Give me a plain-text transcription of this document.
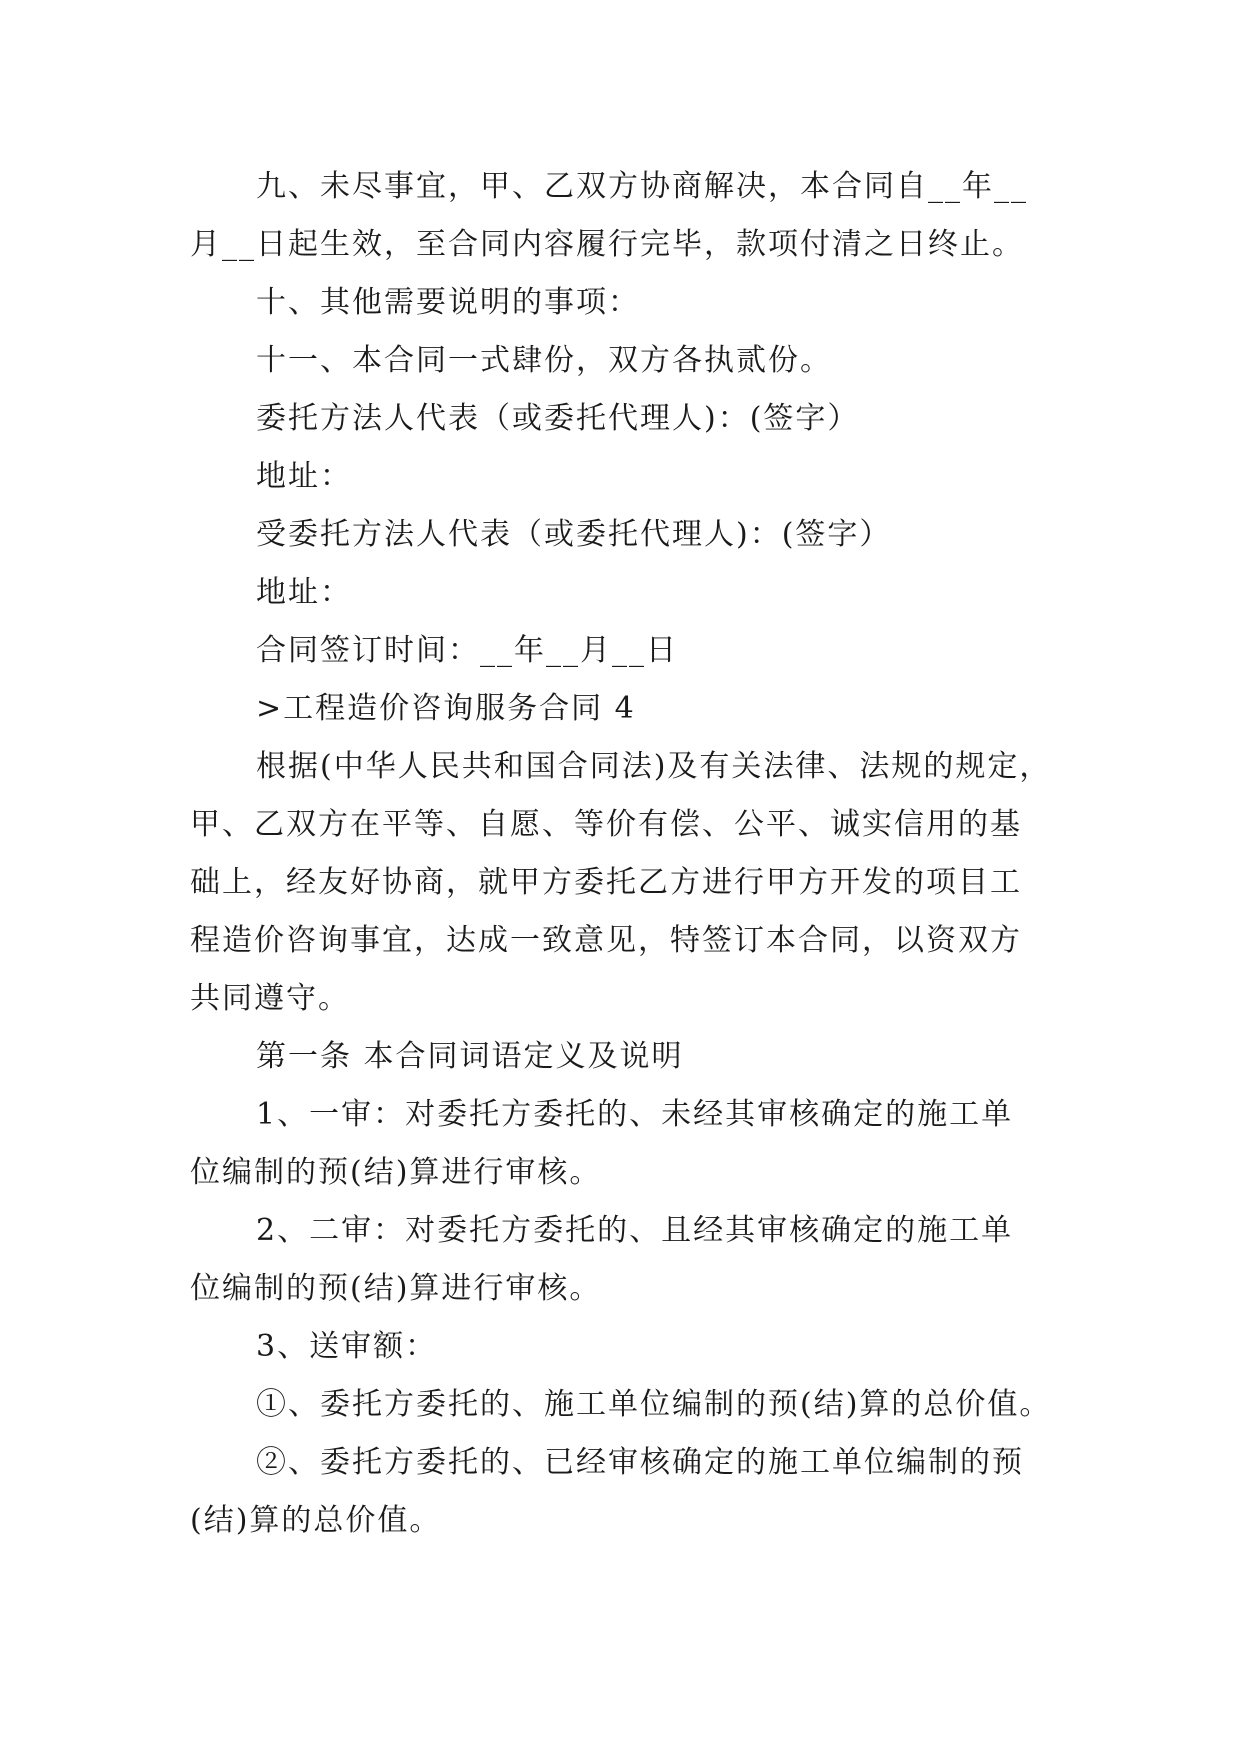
九、未尽事宜，甲、乙双方协商解决，本合同自__年__
月__日起生效，至合同内容履行完毕，款项付清之日终止。
十、其他需要说明的事项：
十一、本合同一式肆份，双方各执贰份。
委托方法人代表（或委托代理人)：(签字）
地址：
受委托方法人代表（或委托代理人)：(签字）
地址：
合同签订时间：__年__月__日
>工程造价咨询服务合同 4
根据(中华人民共和国合同法)及有关法律、法规的规定，
甲、乙双方在平等、自愿、等价有偿、公平、诚实信用的基
础上，经友好协商，就甲方委托乙方进行甲方开发的项目工
程造价咨询事宜，达成一致意见，特签订本合同，以资双方
共同遵守。
第一条 本合同词语定义及说明
1、一审：对委托方委托的、未经其审核确定的施工单
位编制的预(结)算进行审核。
2、二审：对委托方委托的、且经其审核确定的施工单
位编制的预(结)算进行审核。
3、送审额：
①、委托方委托的、施工单位编制的预(结)算的总价值。
②、委托方委托的、已经审核确定的施工单位编制的预
(结)算的总价值。
